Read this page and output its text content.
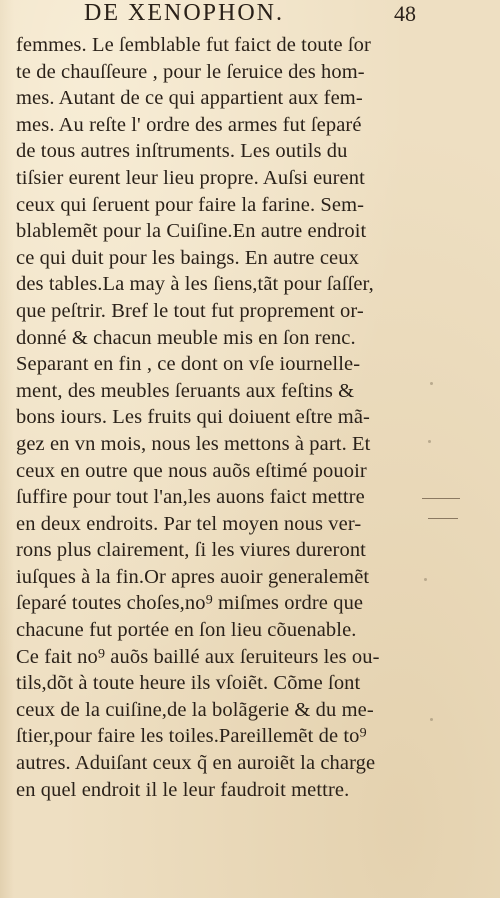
DE XENOPHON.	48
femmes. Le ſemblable fut faict de toute ſor
te de chauſſeure , pour le ſeruice des hom-
mes. Autant de ce qui appartient aux fem-
mes. Au reſte l' ordre des armes fut ſeparé
de tous autres inſtruments. Les outils du
tiſsier eurent leur lieu propre. Auſsi eurent
ceux qui ſeruent pour faire la farine. Sem-
blablemẽt pour la Cuiſine.En autre endroit
ce qui duit pour les baings. En autre ceux
des tables.La may à les ſiens,tãt pour ſaſſer,
que peſtrir. Bref le tout fut proprement or-
donné & chacun meuble mis en ſon renc.
Separant en fin , ce dont on vſe iournelle-
ment, des meubles ſeruants aux feſtins &
bons iours. Les fruits qui doiuent eſtre mã-
gez en vn mois, nous les mettons à part. Et
ceux en outre que nous auõs eſtimé pouoir
ſuffire pour tout l'an,les auons faict mettre
en deux endroits. Par tel moyen nous ver-
rons plus clairement, ſi les viures dureront
iuſques à la fin.Or apres auoir generalemẽt
ſeparé toutes choſes,no⁹ miſmes ordre que
chacune fut portée en ſon lieu cõuenable.
Ce fait no⁹ auõs baillé aux ſeruiteurs les ou-
tils,dõt à toute heure ils vſoiẽt. Cõme ſont
ceux de la cuiſine,de la bolãgerie & du me-
ſtier,pour faire les toiles.Pareillemẽt de to⁹
autres. Aduiſant ceux q̃ en auroiẽt la charge
en quel endroit il le leur faudroit mettre.
